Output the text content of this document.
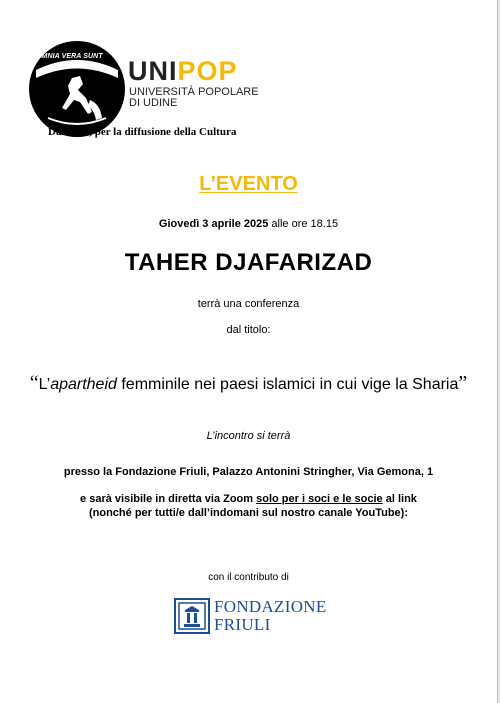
OMNIA VERA SUNT UNIPOP
UNIVERSITÀ POPOLARE
DI UDINE
Dal 1901, per la diffusione della Cultura
L’EVENTO
Giovedì 3 aprile 2025 alle ore 18.15
TAHER DJAFARIZAD
terrà una conferenza
dal titolo:
“L’apartheid femminile nei paesi islamici in cui vige la Sharia”
L’incontro si terrà
presso la Fondazione Friuli, Palazzo Antonini Stringher, Via Gemona, 1
e sarà visibile in diretta via Zoom solo per i soci e le socie al link
(nonché per tutti/e dall’indomani sul nostro canale YouTube):
con il contributo di
FONDAZIONE
FRIULI
